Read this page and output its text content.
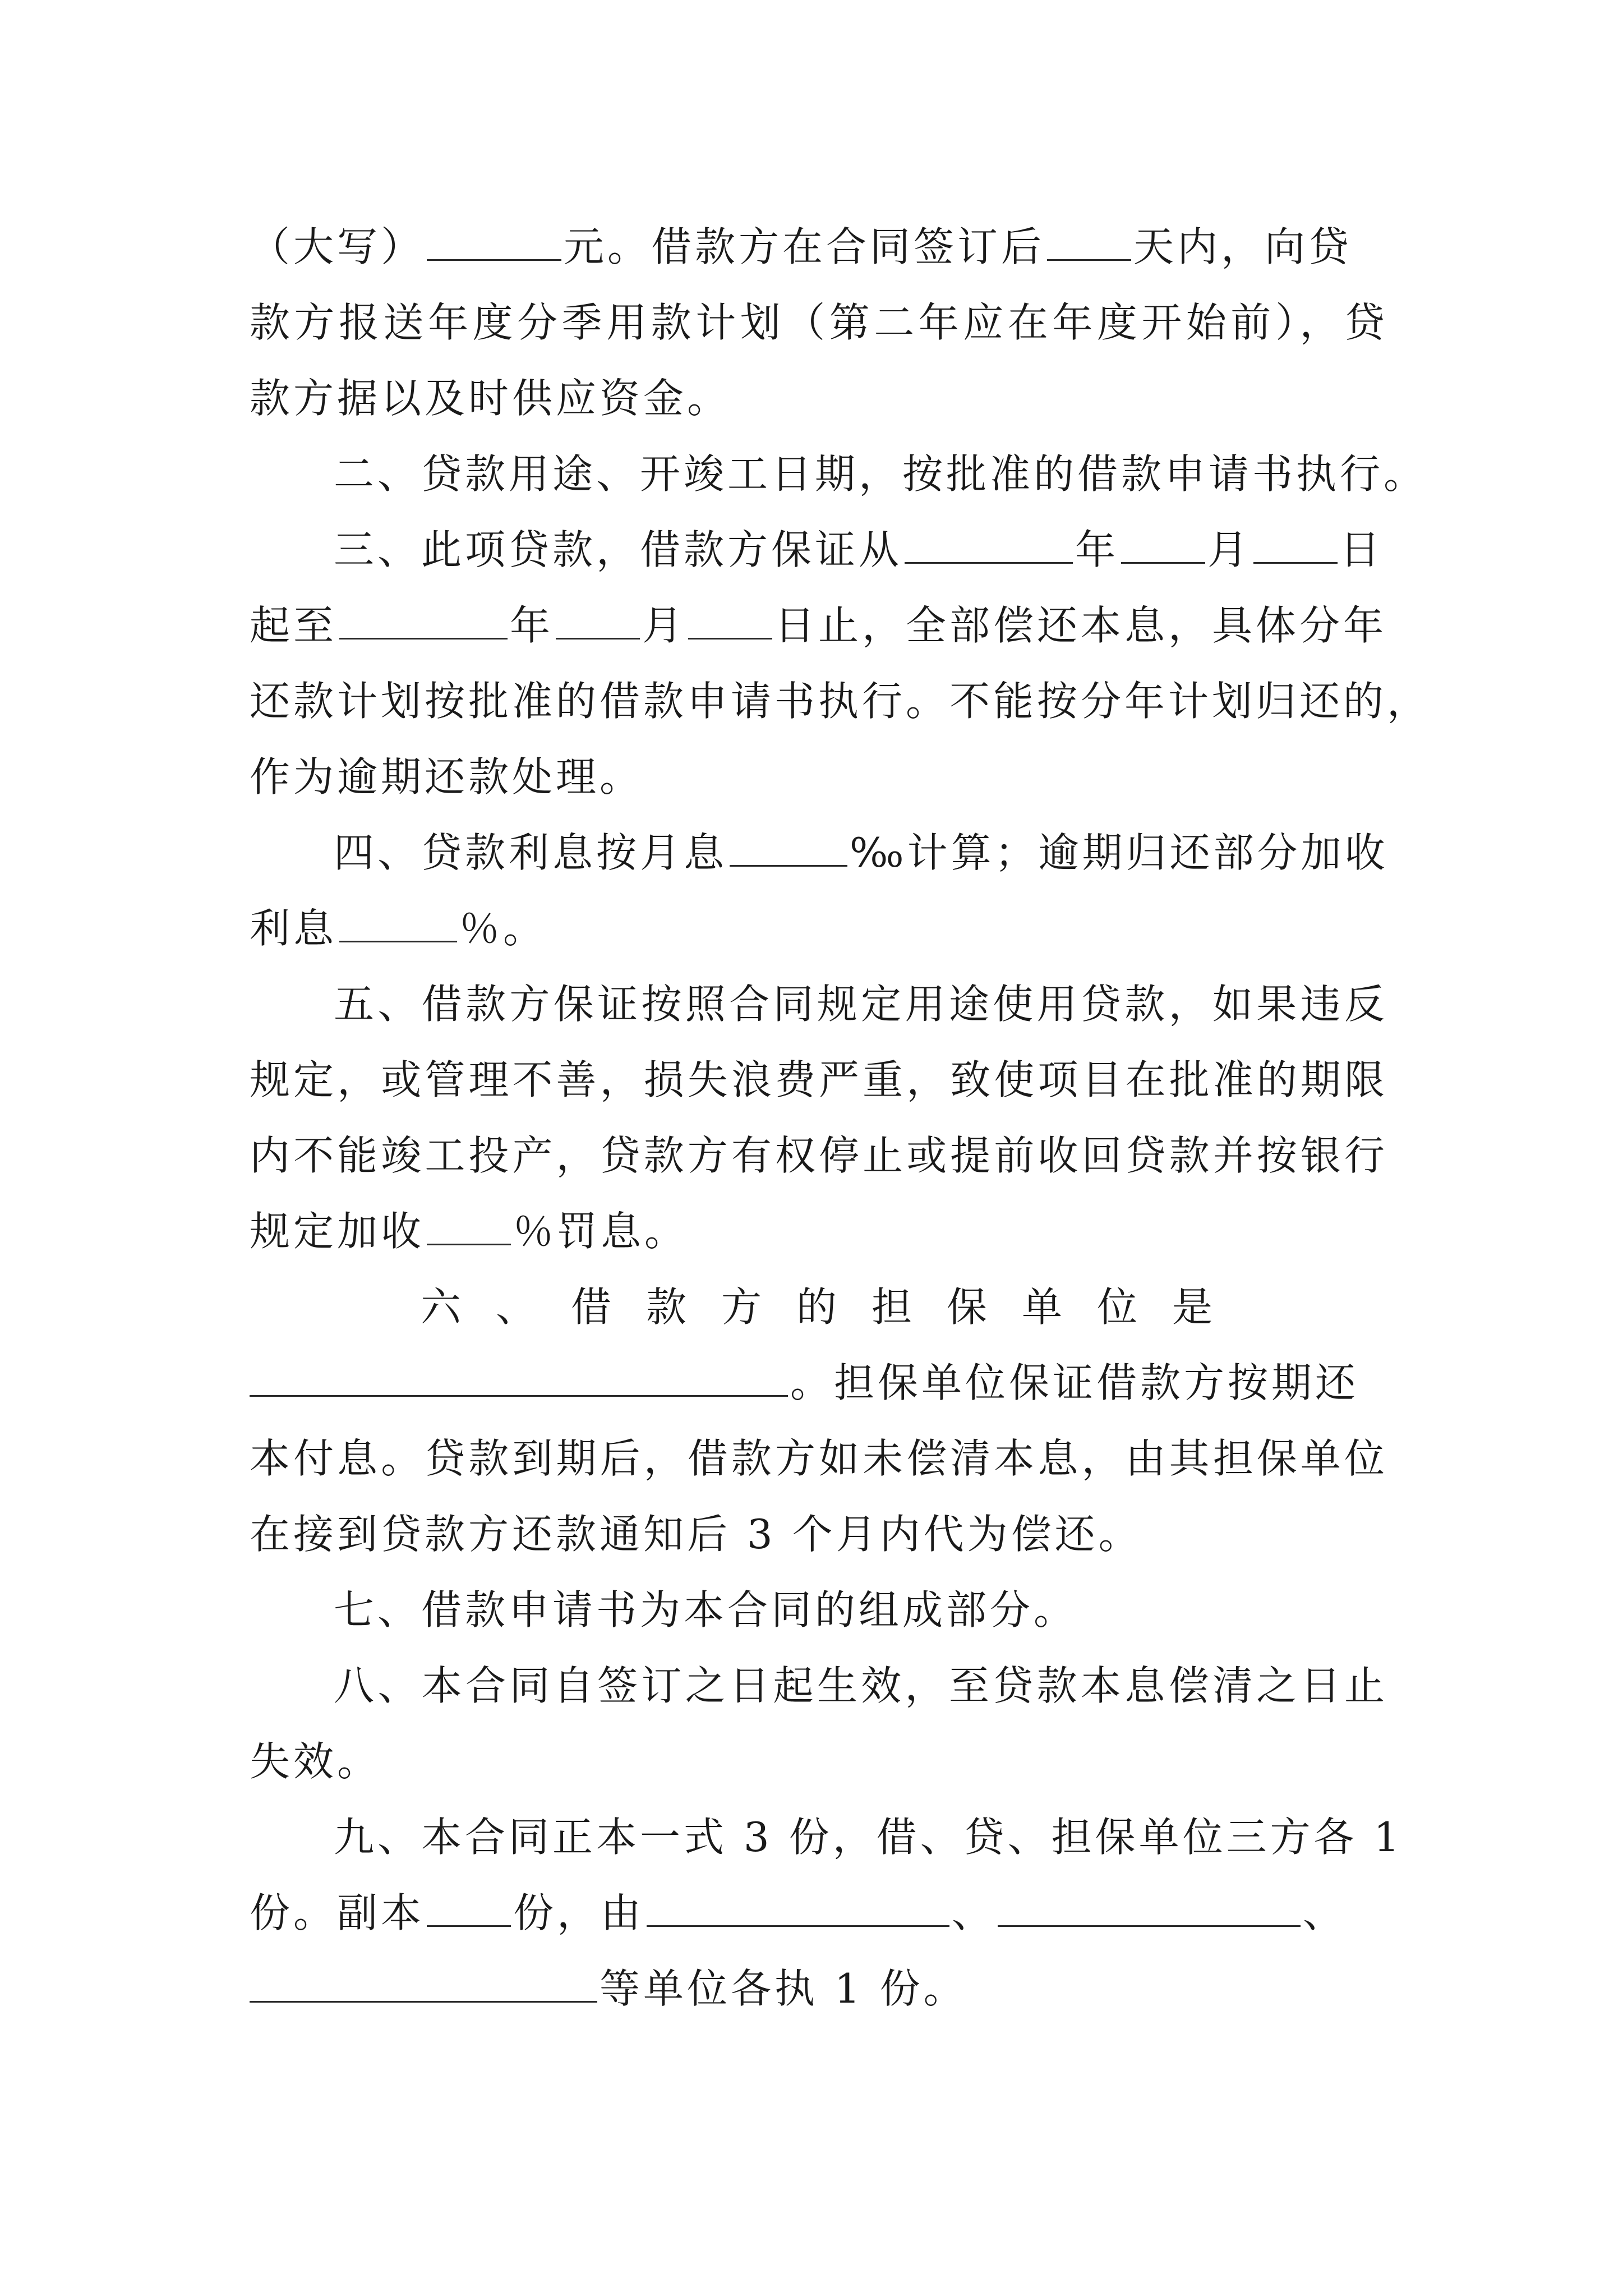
（大写）	元。借款方在合同签订后 天内，向贷
款方报送年度分季用款计划（第二年应在年度开始前），贷
款方据以及时供应资金。
二、贷款用途、开竣工日期，按批准的借款申请书执行。
三、此项贷款，借款方保证从	年 月 日
起至	年 月 日止，全部偿还本息，具体分年
还款计划按批准的借款申请书执行。不能按分年计划归还的，
作为逾期还款处理。
四、贷款利息按月息	‰计算；逾期归还部分加收
利息	％。
五、借款方保证按照合同规定用途使用贷款，如果违反
规定，或管理不善，损失浪费严重，致使项目在批准的期限
内不能竣工投产，贷款方有权停止或提前收回贷款并按银行
规定加收 ％罚息。
六、借款方的担保单位是
。担保单位保证借款方按期还
本付息。贷款到期后，借款方如未偿清本息，由其担保单位
在接到贷款方还款通知后 3 个月内代为偿还。
七、借款申请书为本合同的组成部分。
八、本合同自签订之日起生效，至贷款本息偿清之日止
失效。
九、本合同正本一式 3 份，借、贷、担保单位三方各 1
份。副本 份，由	、	、
等单位各执 1 份。
